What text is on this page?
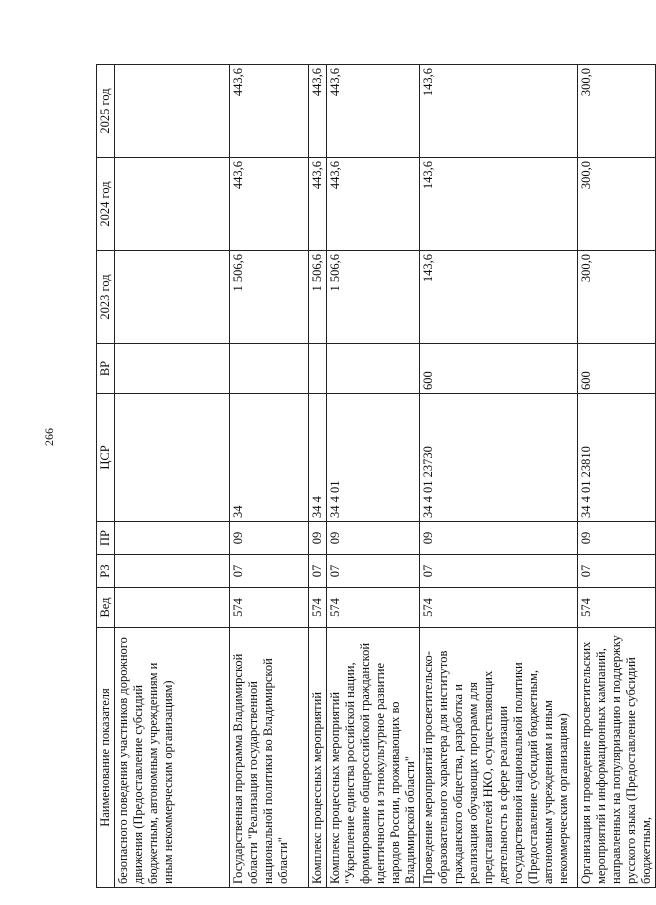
266
Наименование показателя	Вед	РЗ	ПР	ЦСР	ВР	2023 год	2024 год	2025 год
безопасного поведения участников дорожного движения (Предоставление субсидий бюджетным, автономным учреждениям и иным некоммерческим организациям)								
Государственная программа Владимирской области "Реализация государственной национальной политики во Владимирской области"	574	07	09	34		1 506,6	443,6	443,6
Комплекс процессных мероприятий	574	07	09	34 4		1 506,6	443,6	443,6
Комплекс процессных мероприятий "Укрепление единства российской нации, формирование общероссийской гражданской идентичности и этнокультурное развитие народов России, проживающих во Владимирской области"	574	07	09	34 4 01		1 506,6	443,6	443,6
Проведение мероприятий просветительско-образовательного характера для институтов гражданского общества, разработка и реализация обучающих программ для представителей НКО, осуществляющих деятельность в сфере реализации государственной национальной политики (Предоставление субсидий бюджетным, автономным учреждениям и иным некоммерческим организациям)	574	07	09	34 4 01 23730	600	143,6	143,6	143,6
Организация и проведение просветительских мероприятий и информационных кампаний, направленных на популяризацию и поддержку русского языка (Предоставление субсидий бюджетным,	574	07	09	34 4 01 23810	600	300,0	300,0	300,0
